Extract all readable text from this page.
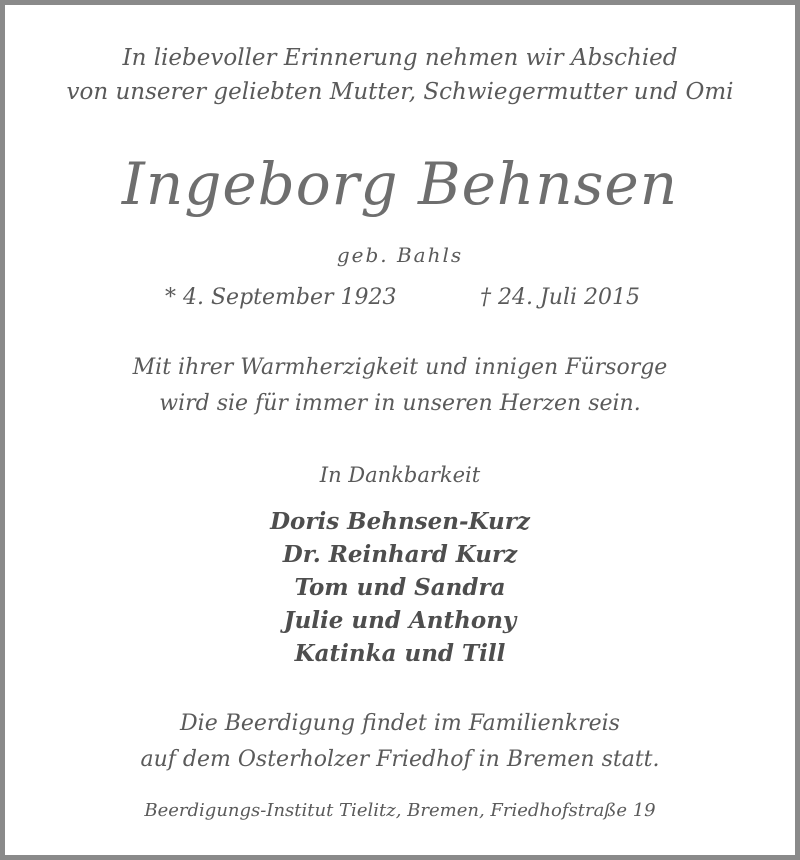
In liebevoller Erinnerung nehmen wir Abschied
von unserer geliebten Mutter, Schwiegermutter und Omi
Ingeborg Behnsen
geb. Bahls
* 4. September 1923	† 24. Juli 2015
Mit ihrer Warmherzigkeit und innigen Fürsorge
wird sie für immer in unseren Herzen sein.
In Dankbarkeit
Doris Behnsen-Kurz
Dr. Reinhard Kurz
Tom und Sandra
Julie und Anthony
Katinka und Till
Die Beerdigung findet im Familienkreis
auf dem Osterholzer Friedhof in Bremen statt.
Beerdigungs-Institut Tielitz, Bremen, Friedhofstraße 19
